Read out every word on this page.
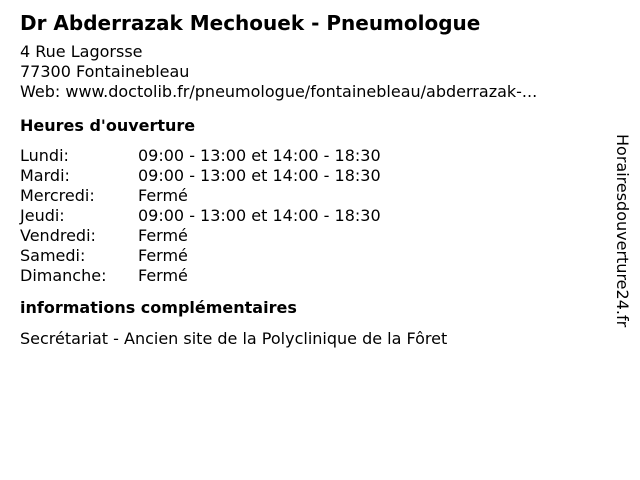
Dr Abderrazak Mechouek - Pneumologue
4 Rue Lagorsse
77300 Fontainebleau
Web: www.doctolib.fr/pneumologue/fontainebleau/abderrazak-...
Heures d'ouverture
Lundi:	09:00 - 13:00 et 14:00 - 18:30
Mardi:	09:00 - 13:00 et 14:00 - 18:30
Mercredi:	Fermé
Jeudi:	09:00 - 13:00 et 14:00 - 18:30
Vendredi:	Fermé
Samedi:	Fermé
Dimanche:	Fermé
informations complémentaires
Secrétariat - Ancien site de la Polyclinique de la Fôret
Horairesdouverture24.fr
